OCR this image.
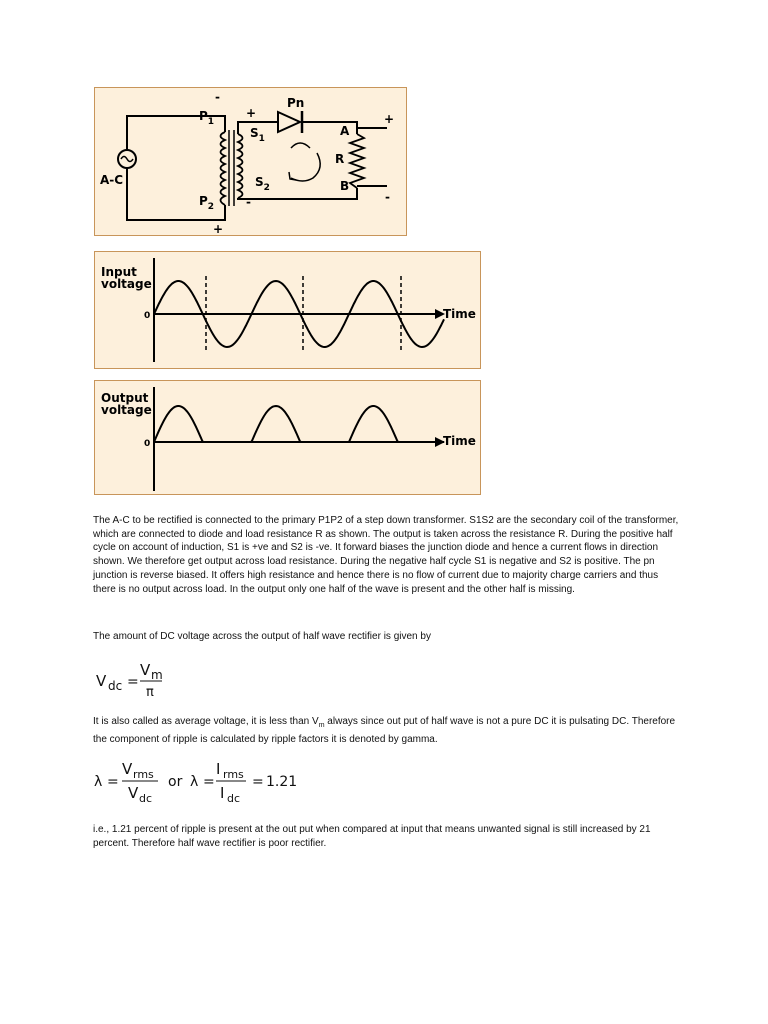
Pn
$P_1$
$P_2$
$S_1$
$S_2$
A-C
A
B
R
-
+
+
-
+
-
Input
voltage
0	Time
Output
voltage
0	Time

The A-C to be rectified is connected to the primary P1P2 of a step down transformer. S1S2 are the secondary coil of the transformer, which are connected to diode and load resistance R as shown. The output is taken across the resistance R. During the positive half cycle on account of induction, S1 is +ve and S2 is -ve. It forward biases the junction diode and hence a current flows in direction shown. We therefore get output across load resistance. During the negative half cycle S1 is negative and S2 is positive. The pn junction is reverse biased. It offers high resistance and hence there is no flow of current due to majority charge carriers and thus there is no output across load. In the output only one half of the wave is present and the other half is missing.

The amount of DC voltage across the output of half wave rectifier is given by

V dc =
V m
π
λ =
V rms
V dc
or λ =
I rms
I dc
= 1.21

It is also called as average voltage, it is less than $V_m$ always since out put of half wave is not a pure DC it is pulsating DC. Therefore the component of ripple is calculated by ripple factors it is denoted by gamma.

i.e., 1.21 percent of ripple is present at the out put when compared at input that means unwanted signal is still increased by 21 percent. Therefore half wave rectifier is poor rectifier.
